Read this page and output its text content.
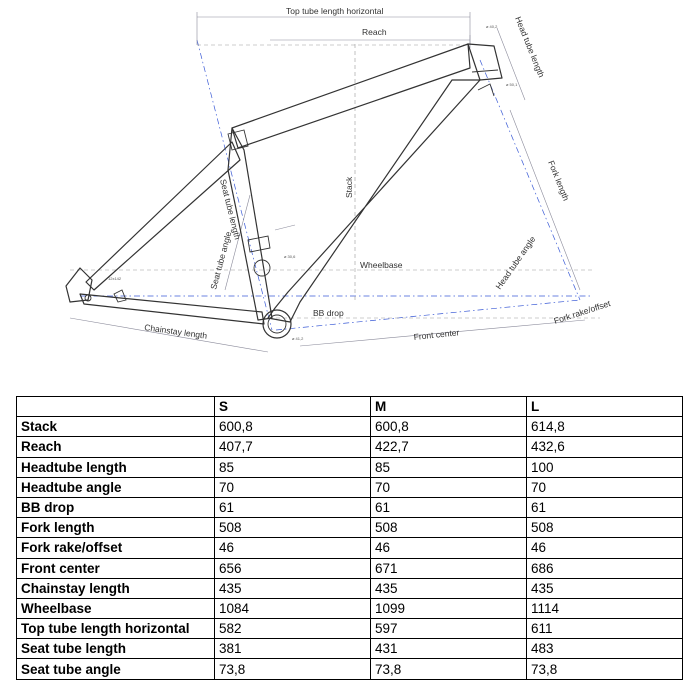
ø 40,2
ø 50,1
ø 30,6
ø 41,2
12x142
Top tube length horizontal
Reach	Head tube length
Stack	Fork length
Seat tube length
Seat tube angle	Wheelbase	Head tube angle
BB drop	Fork rake/offset
Chainstay length	Front center
	S	M	L
Stack	600,8	600,8	614,8
Reach	407,7	422,7	432,6
Headtube length	85	85	100
Headtube angle	70	70	70
BB drop	61	61	61
Fork length	508	508	508
Fork rake/offset	46	46	46
Front center	656	671	686
Chainstay length	435	435	435
Wheelbase	1084	1099	1114
Top tube length horizontal	582	597	611
Seat tube length	381	431	483
Seat tube angle	73,8	73,8	73,8
